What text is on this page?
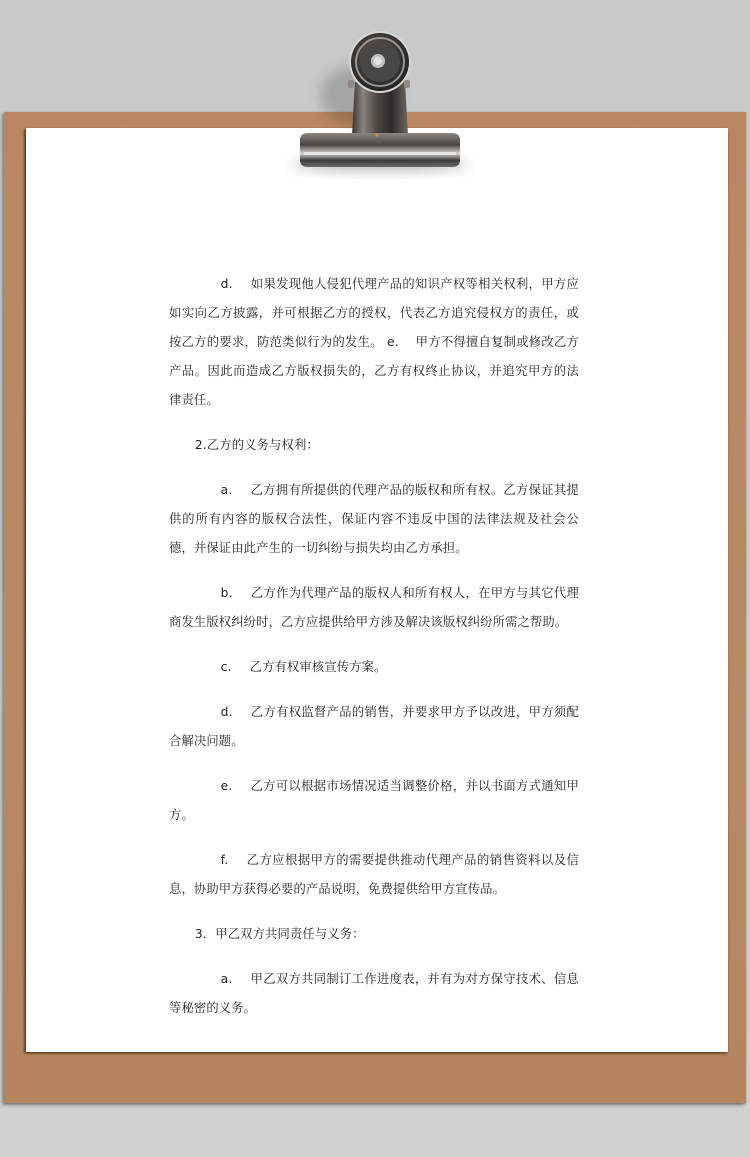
d. 如果发现他人侵犯代理产品的知识产权等相关权利，甲方应如实向乙方披露，并可根据乙方的授权，代表乙方追究侵权方的责任，或按乙方的要求，防范类似行为的发生。 e.　 甲方不得擅自复制或修改乙方产品。因此而造成乙方版权损失的，乙方有权终止协议，并追究甲方的法律责任。

2.乙方的义务与权利：

a. 乙方拥有所提供的代理产品的版权和所有权。乙方保证其提供的所有内容的版权合法性，保证内容不违反中国的法律法规及社会公德，并保证由此产生的一切纠纷与损失均由乙方承担。

b. 乙方作为代理产品的版权人和所有权人，在甲方与其它代理商发生版权纠纷时，乙方应提供给甲方涉及解决该版权纠纷所需之帮助。

c. 乙方有权审核宣传方案。

d. 乙方有权监督产品的销售，并要求甲方予以改进，甲方须配合解决问题。

e. 乙方可以根据市场情况适当调整价格，并以书面方式通知甲方。

f. 乙方应根据甲方的需要提供推动代理产品的销售资料以及信息，协助甲方获得必要的产品说明，免费提供给甲方宣传品。

3．甲乙双方共同责任与义务：

a. 甲乙双方共同制订工作进度表，并有为对方保守技术、信息等秘密的义务。
